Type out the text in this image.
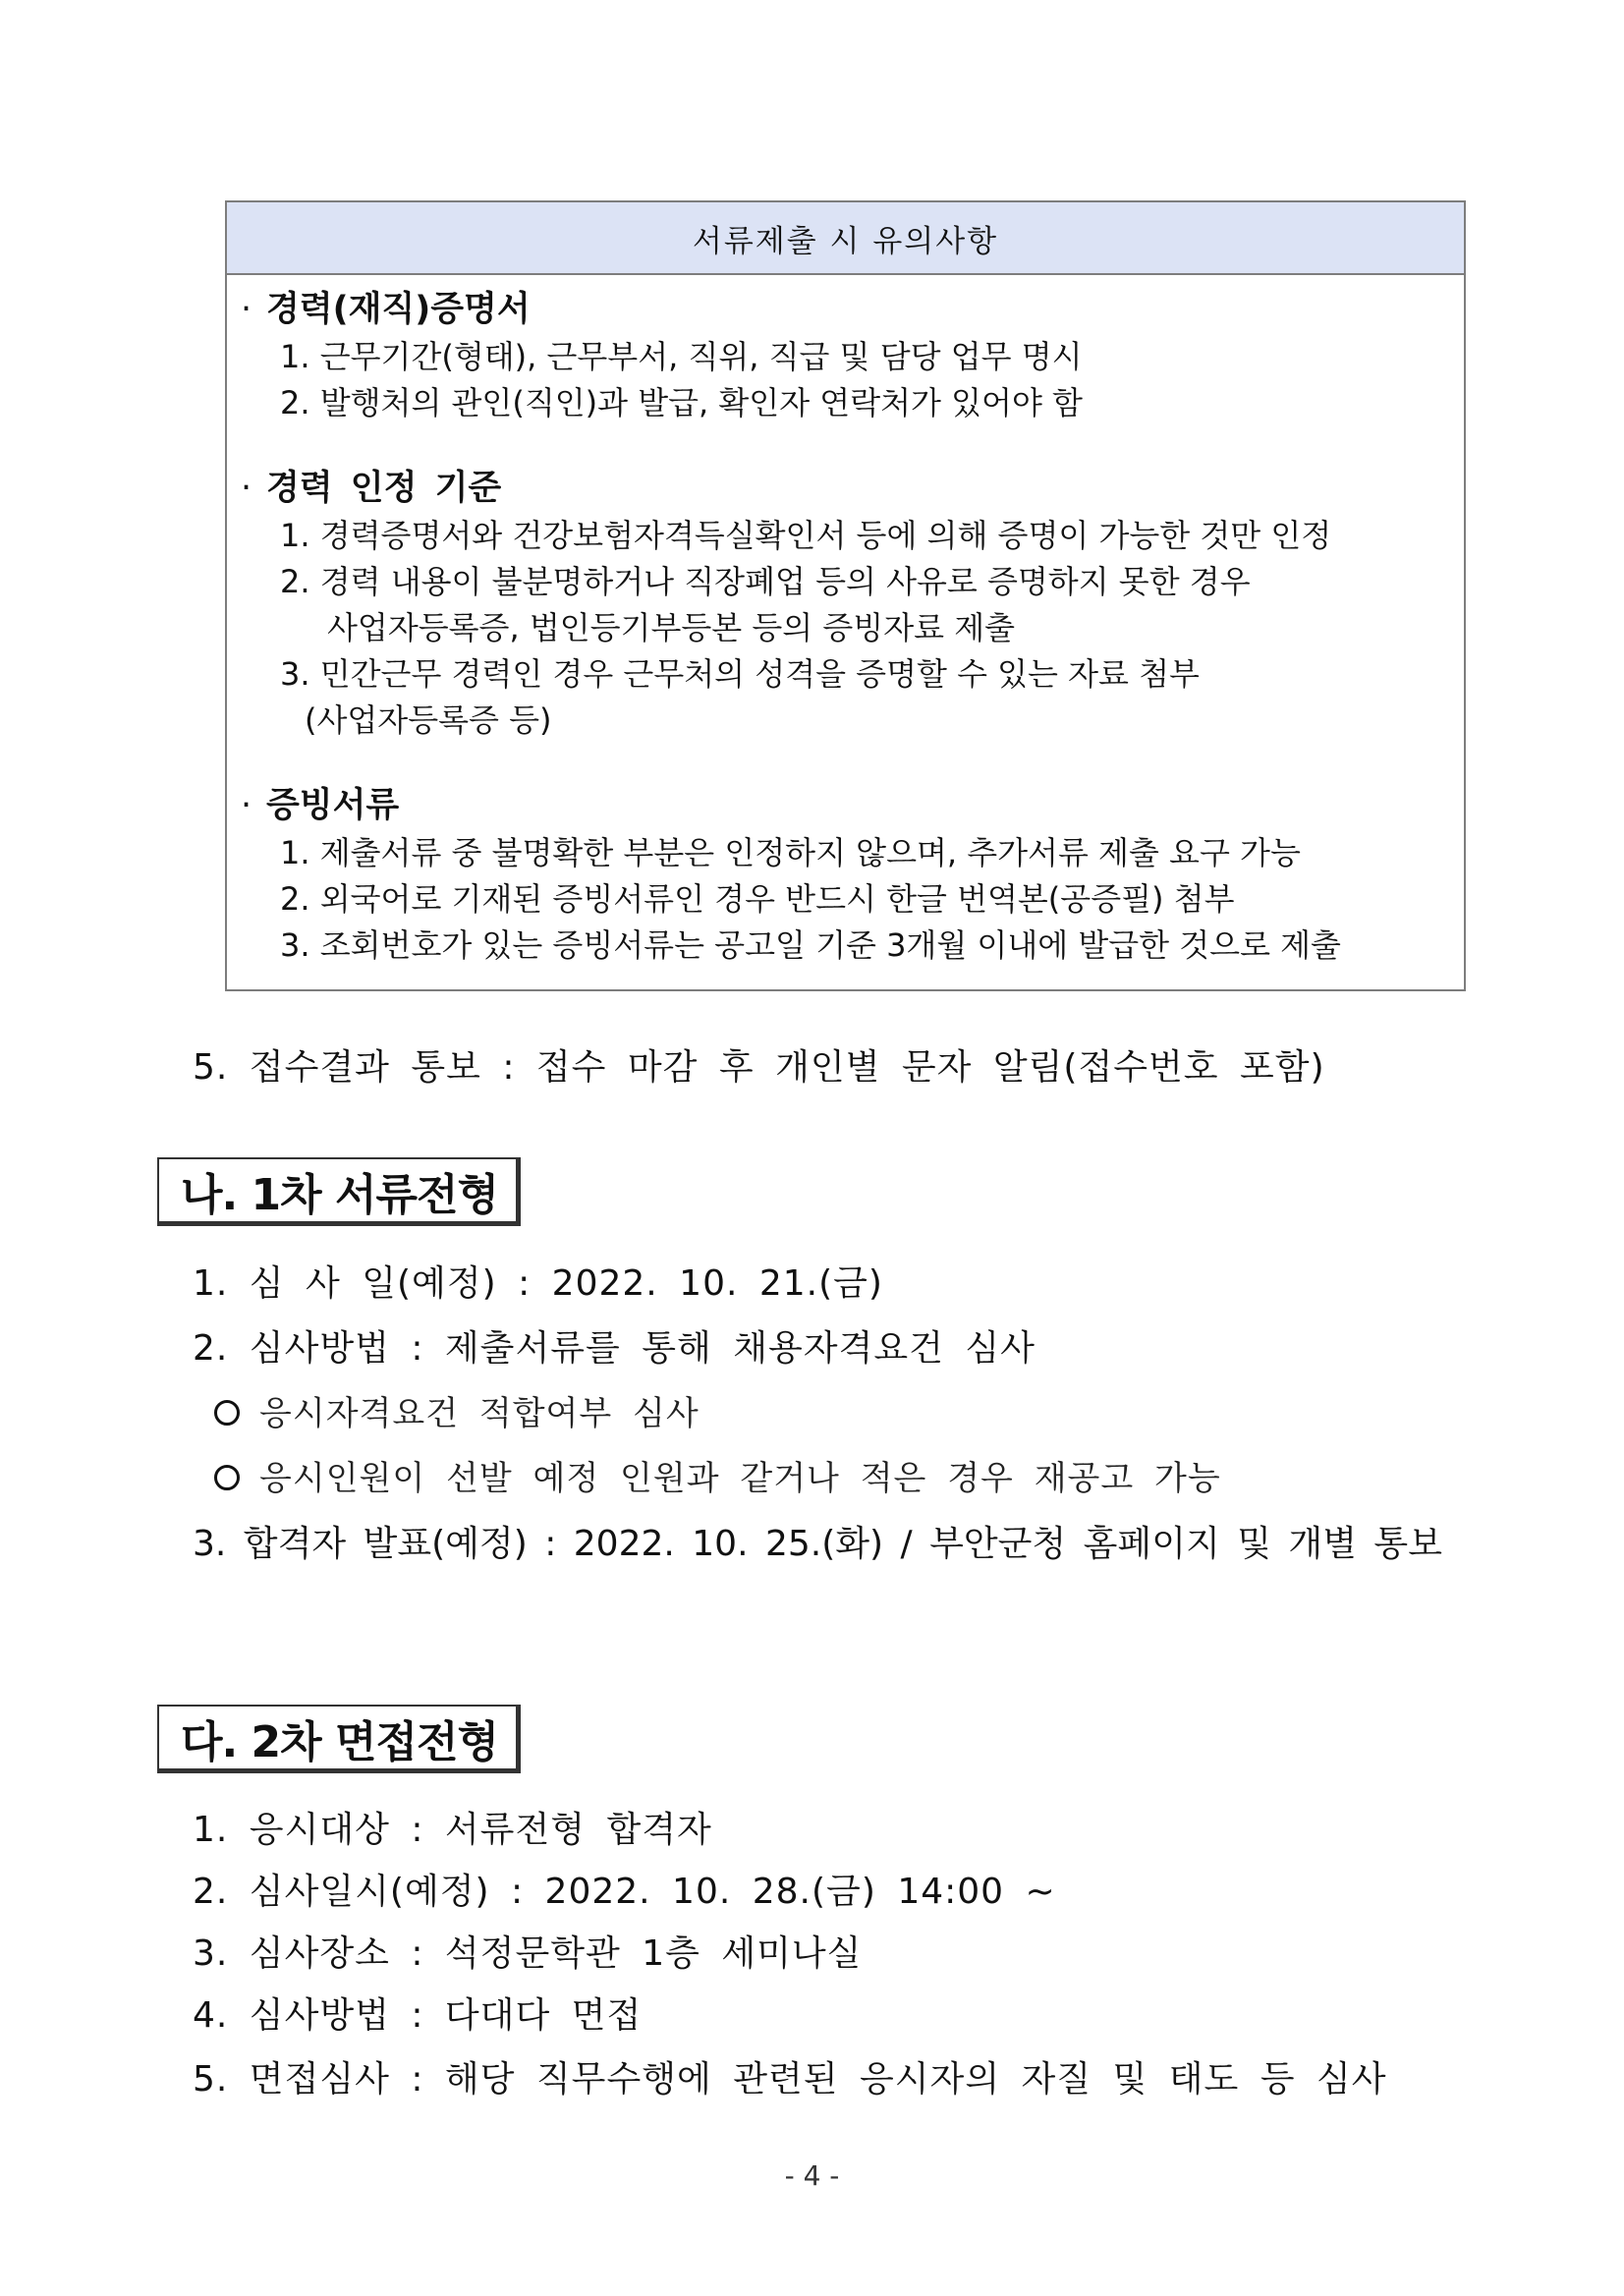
서류제출 시 유의사항
· 경력(재직)증명서
1. 근무기간(형태), 근무부서, 직위, 직급 및 담당 업무 명시
2. 발행처의 관인(직인)과 발급, 확인자 연락처가 있어야 함
· 경력 인정 기준
1. 경력증명서와 건강보험자격득실확인서 등에 의해 증명이 가능한 것만 인정
2. 경력 내용이 불분명하거나 직장폐업 등의 사유로 증명하지 못한 경우
사업자등록증, 법인등기부등본 등의 증빙자료 제출
3. 민간근무 경력인 경우 근무처의 성격을 증명할 수 있는 자료 첨부
(사업자등록증 등)
· 증빙서류
1. 제출서류 중 불명확한 부분은 인정하지 않으며, 추가서류 제출 요구 가능
2. 외국어로 기재된 증빙서류인 경우 반드시 한글 번역본(공증필) 첨부
3. 조회번호가 있는 증빙서류는 공고일 기준 3개월 이내에 발급한 것으로 제출
5. 접수결과 통보 : 접수 마감 후 개인별 문자 알림(접수번호 포함)
나. 1차 서류전형
1. 심 사 일(예정) : 2022. 10. 21.(금)
2. 심사방법 : 제출서류를 통해 채용자격요건 심사
응시자격요건 적합여부 심사
응시인원이 선발 예정 인원과 같거나 적은 경우 재공고 가능
3. 합격자 발표(예정) : 2022. 10. 25.(화) / 부안군청 홈페이지 및 개별 통보
다. 2차 면접전형
1. 응시대상 : 서류전형 합격자
2. 심사일시(예정) : 2022. 10. 28.(금) 14:00 ~
3. 심사장소 : 석정문학관 1층 세미나실
4. 심사방법 : 다대다 면접
5. 면접심사 : 해당 직무수행에 관련된 응시자의 자질 및 태도 등 심사
- 4 -
